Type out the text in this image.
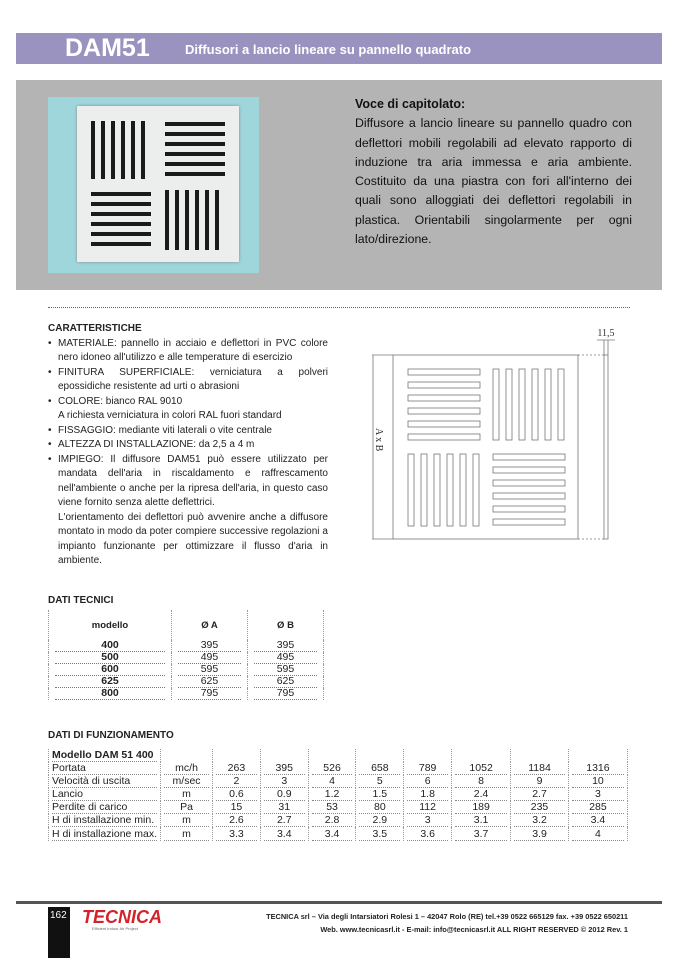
DAM51	Diffusori a lancio lineare su pannello quadrato
Voce di capitolato:
Diffusore a lancio lineare su pannello quadro con deflettori mobili regolabili ad elevato rapporto di induzione tra aria immessa e aria ambiente. Costituito da una piastra con fori all'interno dei quali sono alloggiati dei deflettori regolabili in plastica. Orientabili singolarmente per ogni lato/direzione.
CARATTERISTICHE
• MATERIALE: pannello in acciaio e deflettori in PVC colore nero idoneo all'utilizzo e alle temperature di esercizio
• FINITURA SUPERFICIALE: verniciatura a polveri epossidiche resistente ad urti o abrasioni
• COLORE: bianco RAL 9010

A richiesta verniciatura in colori RAL fuori standard

• FISSAGGIO: mediante viti laterali o vite centrale
• ALTEZZA DI INSTALLAZIONE: da 2,5 a 4 m
• IMPIEGO: Il diffusore DAM51 può essere utilizzato per mandata dell'aria in riscaldamento e raffrescamento nell'ambiente o anche per la ripresa dell'aria, in questo caso viene fornito senza alette deflettrici.

L'orientamento dei deflettori può avvenire anche a diffusore montato in modo da poter compiere successive regolazioni a impianto funzionante per ottimizzare il flusso d'aria in ambiente.

11,5
A x B
DATI TECNICI
modello	Ø A	Ø B

400	395	395

500	495	495

600	595	595

625	625	625

800	795	795
DATI DI FUNZIONAMENTO
Modello DAM 51 400									

Portata	mc/h	263	395	526	658	789	1052	1184	1316

Velocità di uscita	m/sec	2	3	4	5	6	8	9	10

Lancio	m	0.6	0.9	1.2	1.5	1.8	2.4	2.7	3

Perdite di carico	Pa	15	31	53	80	112	189	235	285

H di installazione min.	m	2.6	2.7	2.8	2.9	3	3.1	3.2	3.4

H di installazione max.	m	3.3	3.4	3.4	3.5	3.6	3.7	3.9	4
162 TECNICA
Efficient Indoor Air Project
TECNICA srl – Via degli Intarsiatori Rolesi 1 – 42047 Rolo (RE) tel.+39 0522 665129 fax. +39 0522 650211
Web. www.tecnicasrl.it - E-mail: info@tecnicasrl.it ALL RIGHT RESERVED © 2012 Rev. 1
